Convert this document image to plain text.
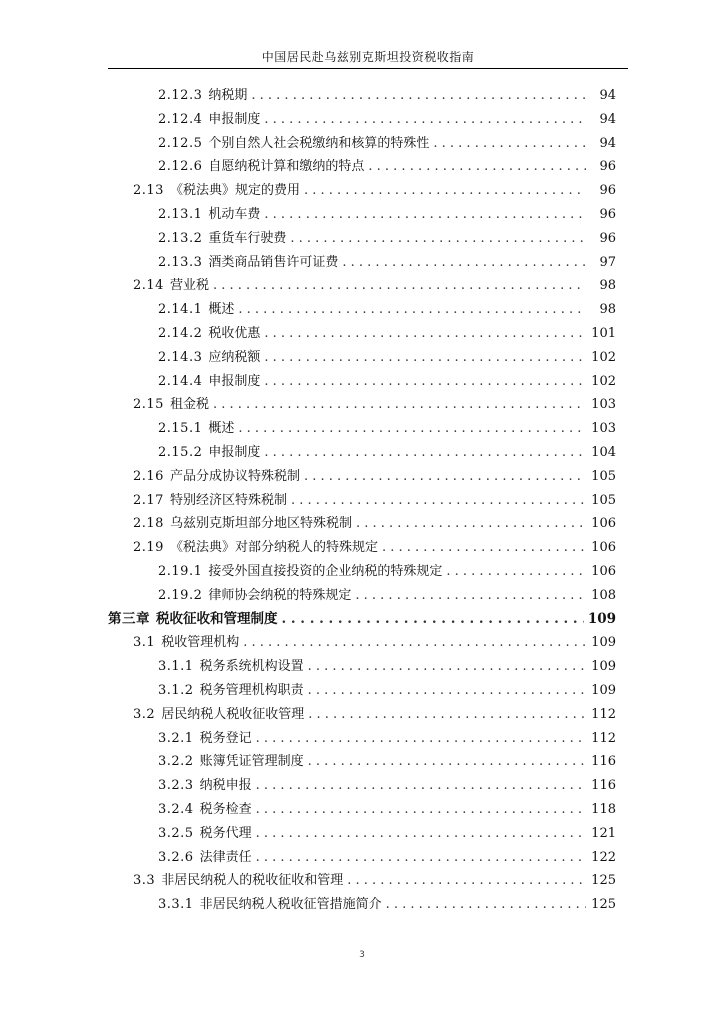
中国居民赴乌兹别克斯坦投资税收指南
2.12.3 纳税期 . . .	94
2.12.4 申报制度 . . .	94
2.12.5 个别自然人社会税缴纳和核算的特殊性 . . .	94
2.12.6 自愿纳税计算和缴纳的特点 . . .	96
2.13 《税法典》规定的费用 . . .	96
2.13.1 机动车费 . . .	96
2.13.2 重货车行驶费 . . .	96
2.13.3 酒类商品销售许可证费 . . .	97
2.14 营业税 . . .	98
2.14.1 概述 . . .	98
2.14.2 税收优惠 . . .	101
2.14.3 应纳税额 . . .	102
2.14.4 申报制度 . . .	102
2.15 租金税 . . .	103
2.15.1 概述 . . .	103
2.15.2 申报制度 . . .	104
2.16 产品分成协议特殊税制 . . .	105
2.17 特别经济区特殊税制 . . .	105
2.18 乌兹别克斯坦部分地区特殊税制 . . .	106
2.19 《税法典》对部分纳税人的特殊规定 . . .	106
2.19.1 接受外国直接投资的企业纳税的特殊规定 . . .	106
2.19.2 律师协会纳税的特殊规定 . . .	108
第三章 税收征收和管理制度 . . .	109
3.1 税收管理机构 . . .	109
3.1.1 税务系统机构设置 . . .	109
3.1.2 税务管理机构职责 . . .	109
3.2 居民纳税人税收征收管理 . . .	112
3.2.1 税务登记 . . .	112
3.2.2 账簿凭证管理制度 . . .	116
3.2.3 纳税申报 . . .	116
3.2.4 税务检查 . . .	118
3.2.5 税务代理 . . .	121
3.2.6 法律责任 . . .	122
3.3 非居民纳税人的税收征收和管理 . . .	125
3.3.1 非居民纳税人税收征管措施简介 . . .	125
3
